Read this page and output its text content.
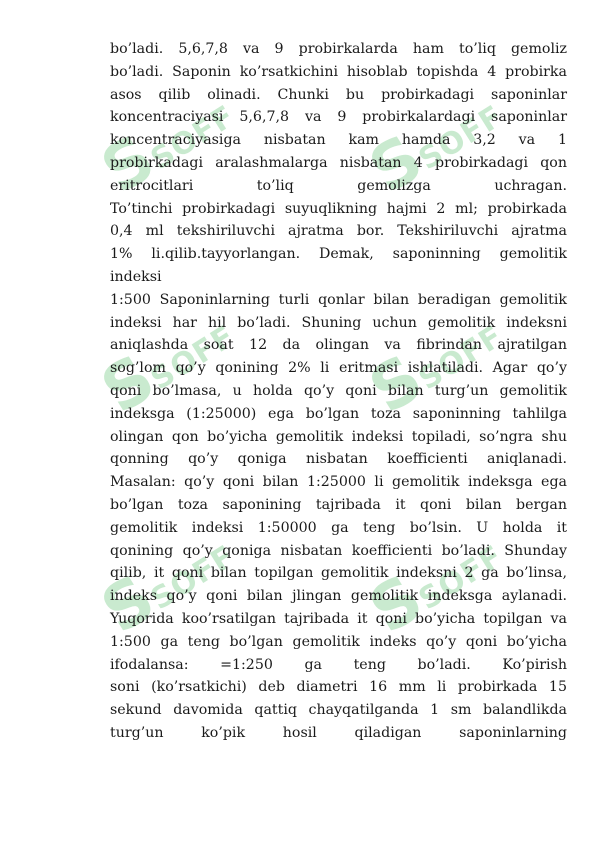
S
SOFF S
SOFF
S
SOFF S
SOFF
S
SOFF S
SOFF
bo’ladi. 5,6,7,8 va 9 probirkalarda ham to’liq gemoliz
bo’ladi. Saponin ko’rsatkichini hisoblab topishda 4 probirka
asos qilib olinadi. Chunki bu probirkadagi saponinlar
koncentraciyasi 5,6,7,8 va 9 probirkalardagi saponinlar
koncentraciyasiga nisbatan kam hamda 3,2 va 1
probirkadagi aralashmalarga nisbatan 4 probirkadagi qon
eritrocitlari to’liq gemolizga uchragan.
To’tinchi probirkadagi suyuqlikning hajmi 2 ml; probirkada
0,4 ml tekshiriluvchi ajratma bor. Tekshiriluvchi ajratma
1% li.qilib.tayyorlangan. Demak, saponinning gemolitik
indeksi
1:500 Saponinlarning turli qonlar bilan beradigan gemolitik
indeksi har hil bo’ladi. Shuning uchun gemolitik indeksni
aniqlashda soat 12 da olingan va fibrindan ajratilgan
sog’lom qo’y qonining 2% li eritmasi ishlatiladi. Agar qo’y
qoni bo’lmasa, u holda qo’y qoni bilan turg’un gemolitik
indeksga (1:25000) ega bo’lgan toza saponinning tahlilga
olingan qon bo’yicha gemolitik indeksi topiladi, so’ngra shu
qonning qo’y qoniga nisbatan koefficienti aniqlanadi.
Masalan: qo’y qoni bilan 1:25000 li gemolitik indeksga ega
bo’lgan toza saponining tajribada it qoni bilan bergan
gemolitik indeksi 1:50000 ga teng bo’lsin. U holda it
qonining qo’y qoniga nisbatan koefficienti bo’ladi. Shunday
qilib, it qoni bilan topilgan gemolitik indeksni 2 ga bo’linsa,
indeks qo’y qoni bilan jlingan gemolitik indeksga aylanadi.
Yuqorida koo’rsatilgan tajribada it qoni bo’yicha topilgan va
1:500 ga teng bo’lgan gemolitik indeks qo’y qoni bo’yicha
ifodalansa: =1:250 ga teng bo’ladi. Ko’pirish
soni (ko’rsatkichi) deb diametri 16 mm li probirkada 15
sekund davomida qattiq chayqatilganda 1 sm balandlikda
turg’un ko’pik hosil qiladigan saponinlarning
